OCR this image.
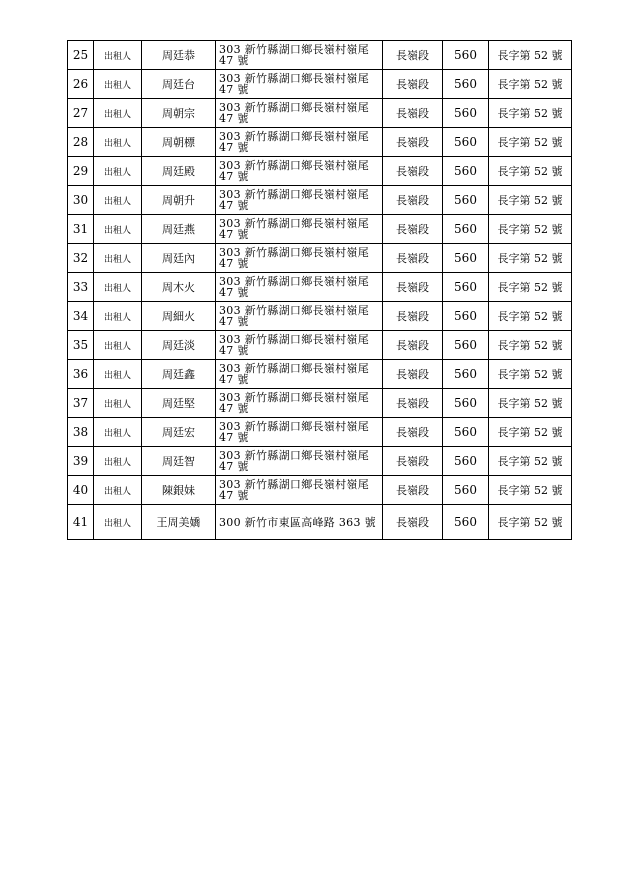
25	出租人	周廷恭	303 新竹縣湖口鄉長嶺村嶺尾 47 號	長嶺段	560	長字第 52 號
26	出租人	周廷台	303 新竹縣湖口鄉長嶺村嶺尾 47 號	長嶺段	560	長字第 52 號
27	出租人	周朝宗	303 新竹縣湖口鄉長嶺村嶺尾 47 號	長嶺段	560	長字第 52 號
28	出租人	周朝標	303 新竹縣湖口鄉長嶺村嶺尾 47 號	長嶺段	560	長字第 52 號
29	出租人	周廷殿	303 新竹縣湖口鄉長嶺村嶺尾 47 號	長嶺段	560	長字第 52 號
30	出租人	周朝升	303 新竹縣湖口鄉長嶺村嶺尾 47 號	長嶺段	560	長字第 52 號
31	出租人	周廷燕	303 新竹縣湖口鄉長嶺村嶺尾 47 號	長嶺段	560	長字第 52 號
32	出租人	周廷內	303 新竹縣湖口鄉長嶺村嶺尾 47 號	長嶺段	560	長字第 52 號
33	出租人	周木火	303 新竹縣湖口鄉長嶺村嶺尾 47 號	長嶺段	560	長字第 52 號
34	出租人	周細火	303 新竹縣湖口鄉長嶺村嶺尾 47 號	長嶺段	560	長字第 52 號
35	出租人	周廷淡	303 新竹縣湖口鄉長嶺村嶺尾 47 號	長嶺段	560	長字第 52 號
36	出租人	周廷鑫	303 新竹縣湖口鄉長嶺村嶺尾 47 號	長嶺段	560	長字第 52 號
37	出租人	周廷堅	303 新竹縣湖口鄉長嶺村嶺尾 47 號	長嶺段	560	長字第 52 號
38	出租人	周廷宏	303 新竹縣湖口鄉長嶺村嶺尾 47 號	長嶺段	560	長字第 52 號
39	出租人	周廷智	303 新竹縣湖口鄉長嶺村嶺尾 47 號	長嶺段	560	長字第 52 號
40	出租人	陳銀妹	303 新竹縣湖口鄉長嶺村嶺尾 47 號	長嶺段	560	長字第 52 號
41	出租人	王周美嬌	300 新竹市東區高峰路 363 號	長嶺段	560	長字第 52 號
